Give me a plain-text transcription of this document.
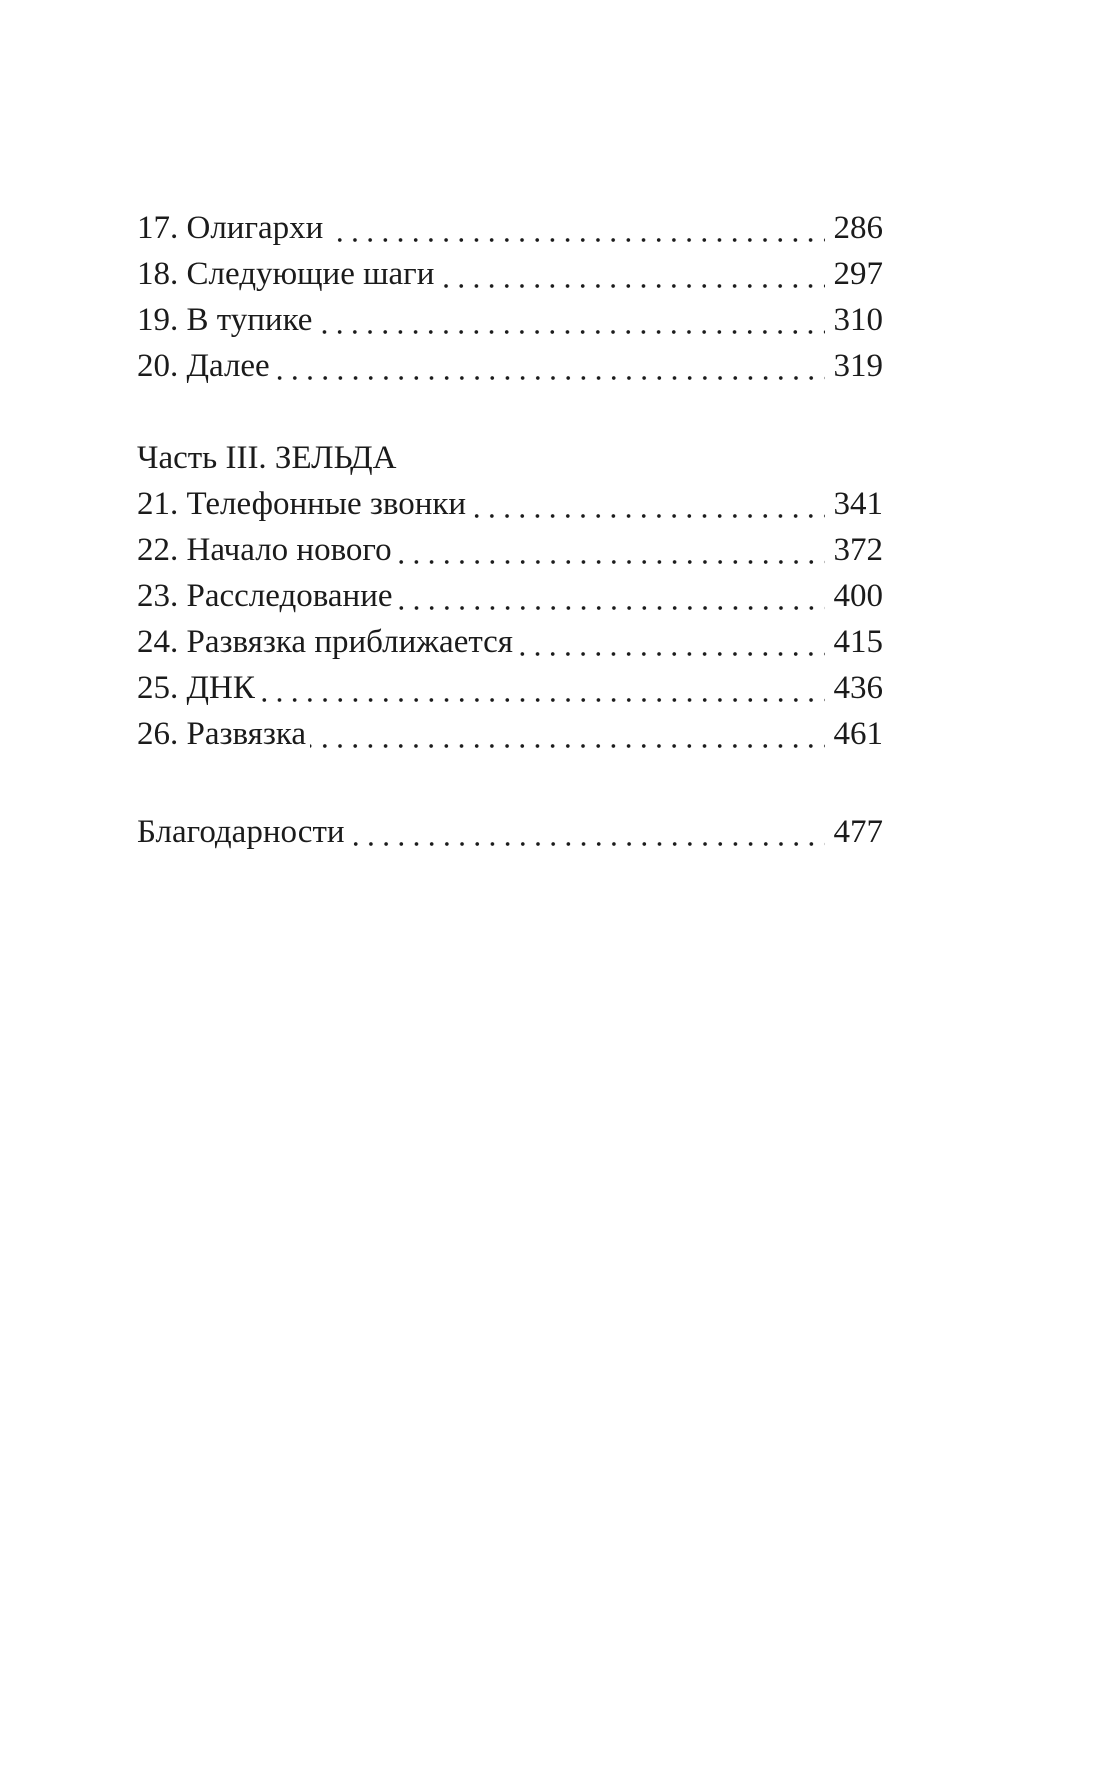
17. Олигархи	286
18. Следующие шаги	297
19. В тупике	310
20. Далее	319
Часть III. ЗЕЛЬДА
21. Телефонные звонки	341
22. Начало нового	372
23. Расследование	400
24. Развязка приближается	415
25. ДНК	436
26. Развязка	461
Благодарности	477
